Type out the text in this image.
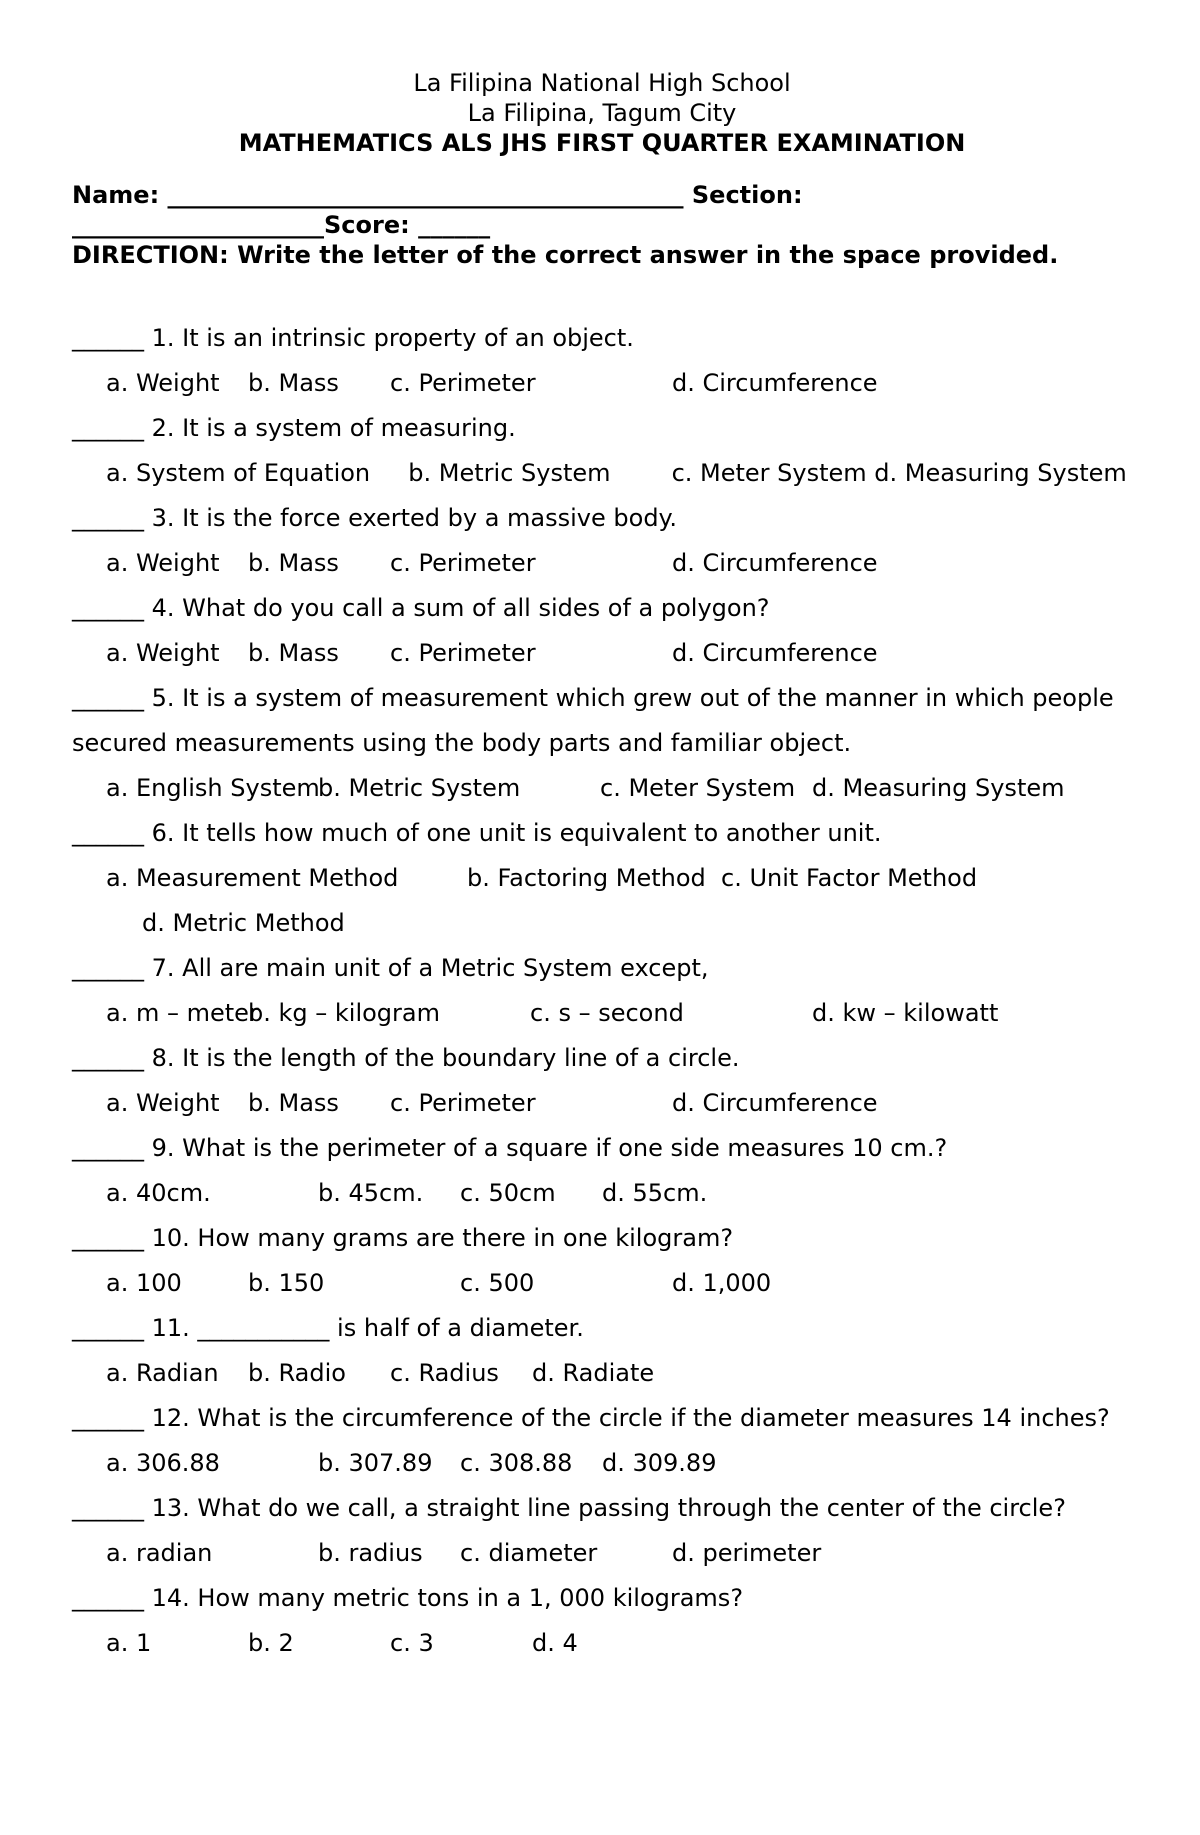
La Filipina National High School
La Filipina, Tagum City
MATHEMATICS ALS JHS FIRST QUARTER EXAMINATION
Name: ___________________________________________ Section:
_____________________Score: ______
DIRECTION: Write the letter of the correct answer in the space provided.
______ 1. It is an intrinsic property of an object.
a. Weight b. Mass c. Perimeter	d. Circumference
______ 2. It is a system of measuring.
a. System of Equation b. Metric System	c. Meter System d. Measuring System
______ 3. It is the force exerted by a massive body.
a. Weight b. Mass c. Perimeter	d. Circumference
______ 4. What do you call a sum of all sides of a polygon?
a. Weight b. Mass c. Perimeter	d. Circumference
______ 5. It is a system of measurement which grew out of the manner in which people secured measurements using the body parts and familiar object.
a. English Systemb. Metric System	c. Meter System d. Measuring System
______ 6. It tells how much of one unit is equivalent to another unit.
a. Measurement Method	b. Factoring Method c. Unit Factor Method d. Metric Method
______ 7. All are main unit of a Metric System except,
a. m – meterb. kg – kilogram	c. s – second	d. kw – kilowatt
______ 8. It is the length of the boundary line of a circle.
a. Weight b. Mass c. Perimeter	d. Circumference
______ 9. What is the perimeter of a square if one side measures 10 cm.?
a. 40cm.	b. 45cm. c. 50cm d. 55cm.
______ 10. How many grams are there in one kilogram?
a. 100	b. 150	c. 500	d. 1,000
______ 11. ___________ is half of a diameter.
a. Radian b. Radio c. Radius d. Radiate
______ 12. What is the circumference of the circle if the diameter measures 14 inches?
a. 306.88	b. 307.89 c. 308.88 d. 309.89
______ 13. What do we call, a straight line passing through the center of the circle?
a. radian	b. radius c. diameter	d. perimeter
______ 14. How many metric tons in a 1, 000 kilograms?
a. 1	b. 2	c. 3	d. 4
